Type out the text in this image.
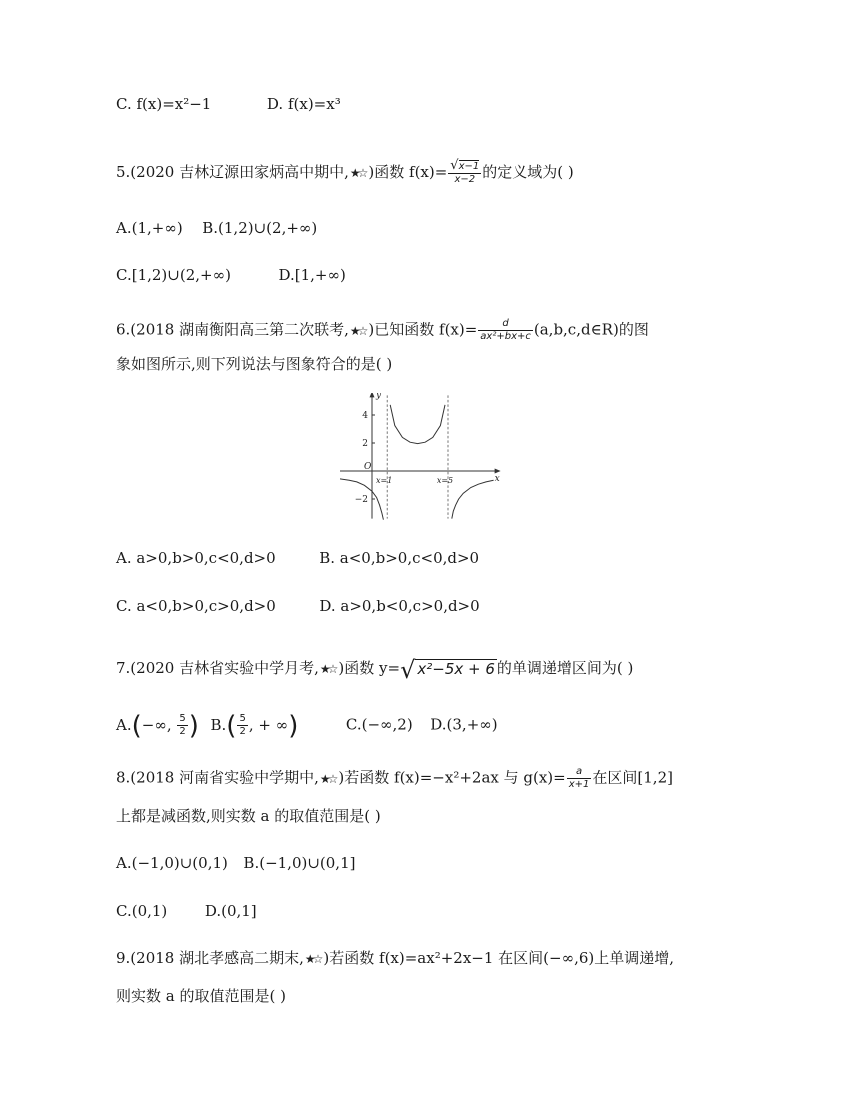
C. f(x)=x²−1	D. f(x)=x³
5.(2020 吉林辽源田家炳高中期中,★☆ )函数 $f(x)= \frac{√x-1}{x-2}$ 的定义域为( )
A.(1,+∞) B.(1,2)∪(2,+∞)
C.[1,2)∪(2,+∞)	D.[1,+∞)
6.(2018 湖南衡阳高三第二次联考,★☆ )已知函数 $f(x)= \frac{d}{\text{ax²+bx+c}}$ (a,b,c,d∈R)的图
象如图所示,则下列说法与图象符合的是( )
4
2
−2
x=1	x=5	x
y
O
A. a>0,b>0,c<0,d>0	B. a<0,b>0,c<0,d>0
C. a<0,b>0,c>0,d>0	D. a>0,b<0,c>0,d>0
7.(2020 吉林省实验中学月考,★☆ )函数 y=√ x²−5x + 6 的单调递增区间为( )
A.(−∞, $\frac{5}{2}$ ) $B.( \frac{5}{2}$ , + ∞)	C.(−∞,2) D.(3,+∞)
8.(2018 河南省实验中学期中,★☆ )若函数 f(x)=−x²+2ax 与 $g(x)= \frac{a}{x+1}$ 在区间[1,2]
上都是减函数,则实数 a 的取值范围是( )
A.(−1,0)∪(0,1) B.(−1,0)∪(0,1]
C.(0,1)	D.(0,1]
9.(2018 湖北孝感高二期末,★☆ )若函数 f(x)=ax²+2x−1 在区间(−∞,6)上单调递增,
则实数 a 的取值范围是( )
